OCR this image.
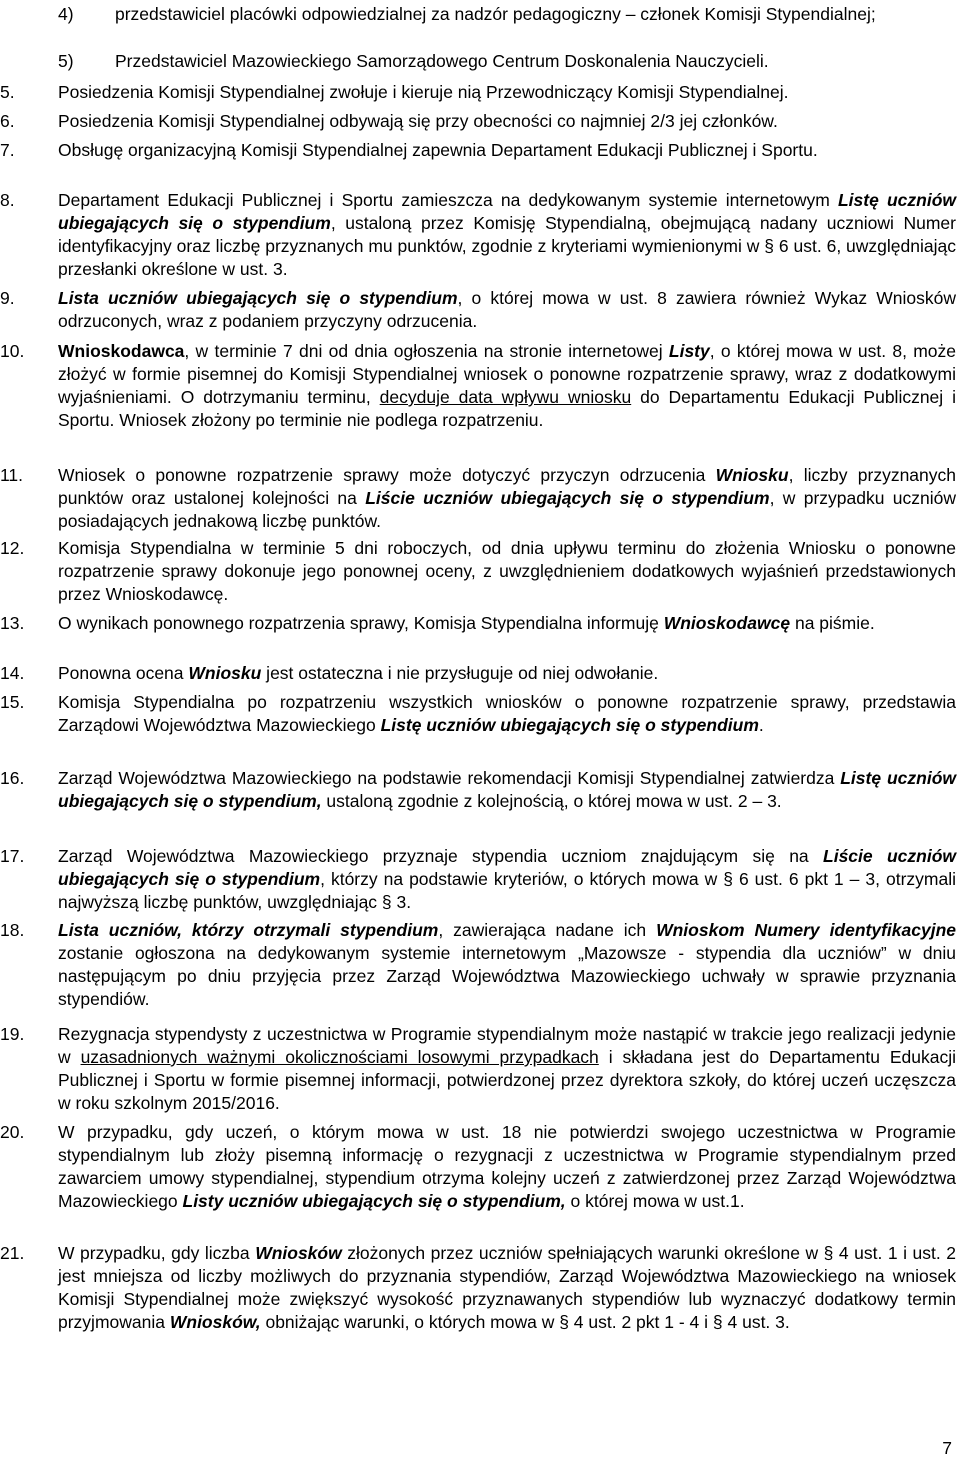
4) przedstawiciel placówki odpowiedzialnej za nadzór pedagogiczny – członek Komisji Stypendialnej;
5) Przedstawiciel Mazowieckiego Samorządowego Centrum Doskonalenia Nauczycieli.
5. Posiedzenia Komisji Stypendialnej zwołuje i kieruje nią Przewodniczący Komisji Stypendialnej.
6. Posiedzenia Komisji Stypendialnej odbywają się przy obecności co najmniej 2/3 jej członków.
7. Obsługę organizacyjną Komisji Stypendialnej zapewnia Departament Edukacji Publicznej i Sportu.
8. Departament Edukacji Publicznej i Sportu zamieszcza na dedykowanym systemie internetowym Listę uczniów ubiegających się o stypendium, ustaloną przez Komisję Stypendialną, obejmującą nadany uczniowi Numer identyfikacyjny oraz liczbę przyznanych mu punktów, zgodnie z kryteriami wymienionymi w § 6 ust. 6, uwzględniając przesłanki określone w ust. 3.
9. Lista uczniów ubiegających się o stypendium, o której mowa w ust. 8 zawiera również Wykaz Wniosków odrzuconych, wraz z podaniem przyczyny odrzucenia.
10. Wnioskodawca, w terminie 7 dni od dnia ogłoszenia na stronie internetowej Listy, o której mowa w ust. 8, może złożyć w formie pisemnej do Komisji Stypendialnej wniosek o ponowne rozpatrzenie sprawy, wraz z dodatkowymi wyjaśnieniami. O dotrzymaniu terminu, decyduje data wpływu wniosku do Departamentu Edukacji Publicznej i Sportu. Wniosek złożony po terminie nie podlega rozpatrzeniu.
11. Wniosek o ponowne rozpatrzenie sprawy może dotyczyć przyczyn odrzucenia Wniosku, liczby przyznanych punktów oraz ustalonej kolejności na Liście uczniów ubiegających się o stypendium, w przypadku uczniów posiadających jednakową liczbę punktów.
12. Komisja Stypendialna w terminie 5 dni roboczych, od dnia upływu terminu do złożenia Wniosku o ponowne rozpatrzenie sprawy dokonuje jego ponownej oceny, z uwzględnieniem dodatkowych wyjaśnień przedstawionych przez Wnioskodawcę.
13. O wynikach ponownego rozpatrzenia sprawy, Komisja Stypendialna informuję Wnioskodawcę na piśmie.
14. Ponowna ocena Wniosku jest ostateczna i nie przysługuje od niej odwołanie.
15. Komisja Stypendialna po rozpatrzeniu wszystkich wniosków o ponowne rozpatrzenie sprawy, przedstawia Zarządowi Województwa Mazowieckiego Listę uczniów ubiegających się o stypendium.
16. Zarząd Województwa Mazowieckiego na podstawie rekomendacji Komisji Stypendialnej zatwierdza Listę uczniów ubiegających się o stypendium, ustaloną zgodnie z kolejnością, o której mowa w ust. 2 – 3.
17. Zarząd Województwa Mazowieckiego przyznaje stypendia uczniom znajdującym się na Liście uczniów ubiegających się o stypendium, którzy na podstawie kryteriów, o których mowa w § 6 ust. 6 pkt 1 – 3, otrzymali najwyższą liczbę punktów, uwzględniając § 3.
18. Lista uczniów, którzy otrzymali stypendium, zawierająca nadane ich Wnioskom Numery identyfikacyjne zostanie ogłoszona na dedykowanym systemie internetowym „Mazowsze - stypendia dla uczniów” w dniu następującym po dniu przyjęcia przez Zarząd Województwa Mazowieckiego uchwały w sprawie przyznania stypendiów.
19. Rezygnacja stypendysty z uczestnictwa w Programie stypendialnym może nastąpić w trakcie jego realizacji jedynie w uzasadnionych ważnymi okolicznościami losowymi przypadkach i składana jest do Departamentu Edukacji Publicznej i Sportu w formie pisemnej informacji, potwierdzonej przez dyrektora szkoły, do której uczeń uczęszcza w roku szkolnym 2015/2016.
20. W przypadku, gdy uczeń, o którym mowa w ust. 18 nie potwierdzi swojego uczestnictwa w Programie stypendialnym lub złoży pisemną informację o rezygnacji z uczestnictwa w Programie stypendialnym przed zawarciem umowy stypendialnej, stypendium otrzyma kolejny uczeń z zatwierdzonej przez Zarząd Województwa Mazowieckiego Listy uczniów ubiegających się o stypendium, o której mowa w ust.1.
21. W przypadku, gdy liczba Wniosków złożonych przez uczniów spełniających warunki określone w § 4 ust. 1 i ust. 2 jest mniejsza od liczby możliwych do przyznania stypendiów, Zarząd Województwa Mazowieckiego na wniosek Komisji Stypendialnej może zwiększyć wysokość przyznawanych stypendiów lub wyznaczyć dodatkowy termin przyjmowania Wniosków, obniżając warunki, o których mowa w § 4 ust. 2 pkt 1 - 4 i § 4 ust. 3.
7
